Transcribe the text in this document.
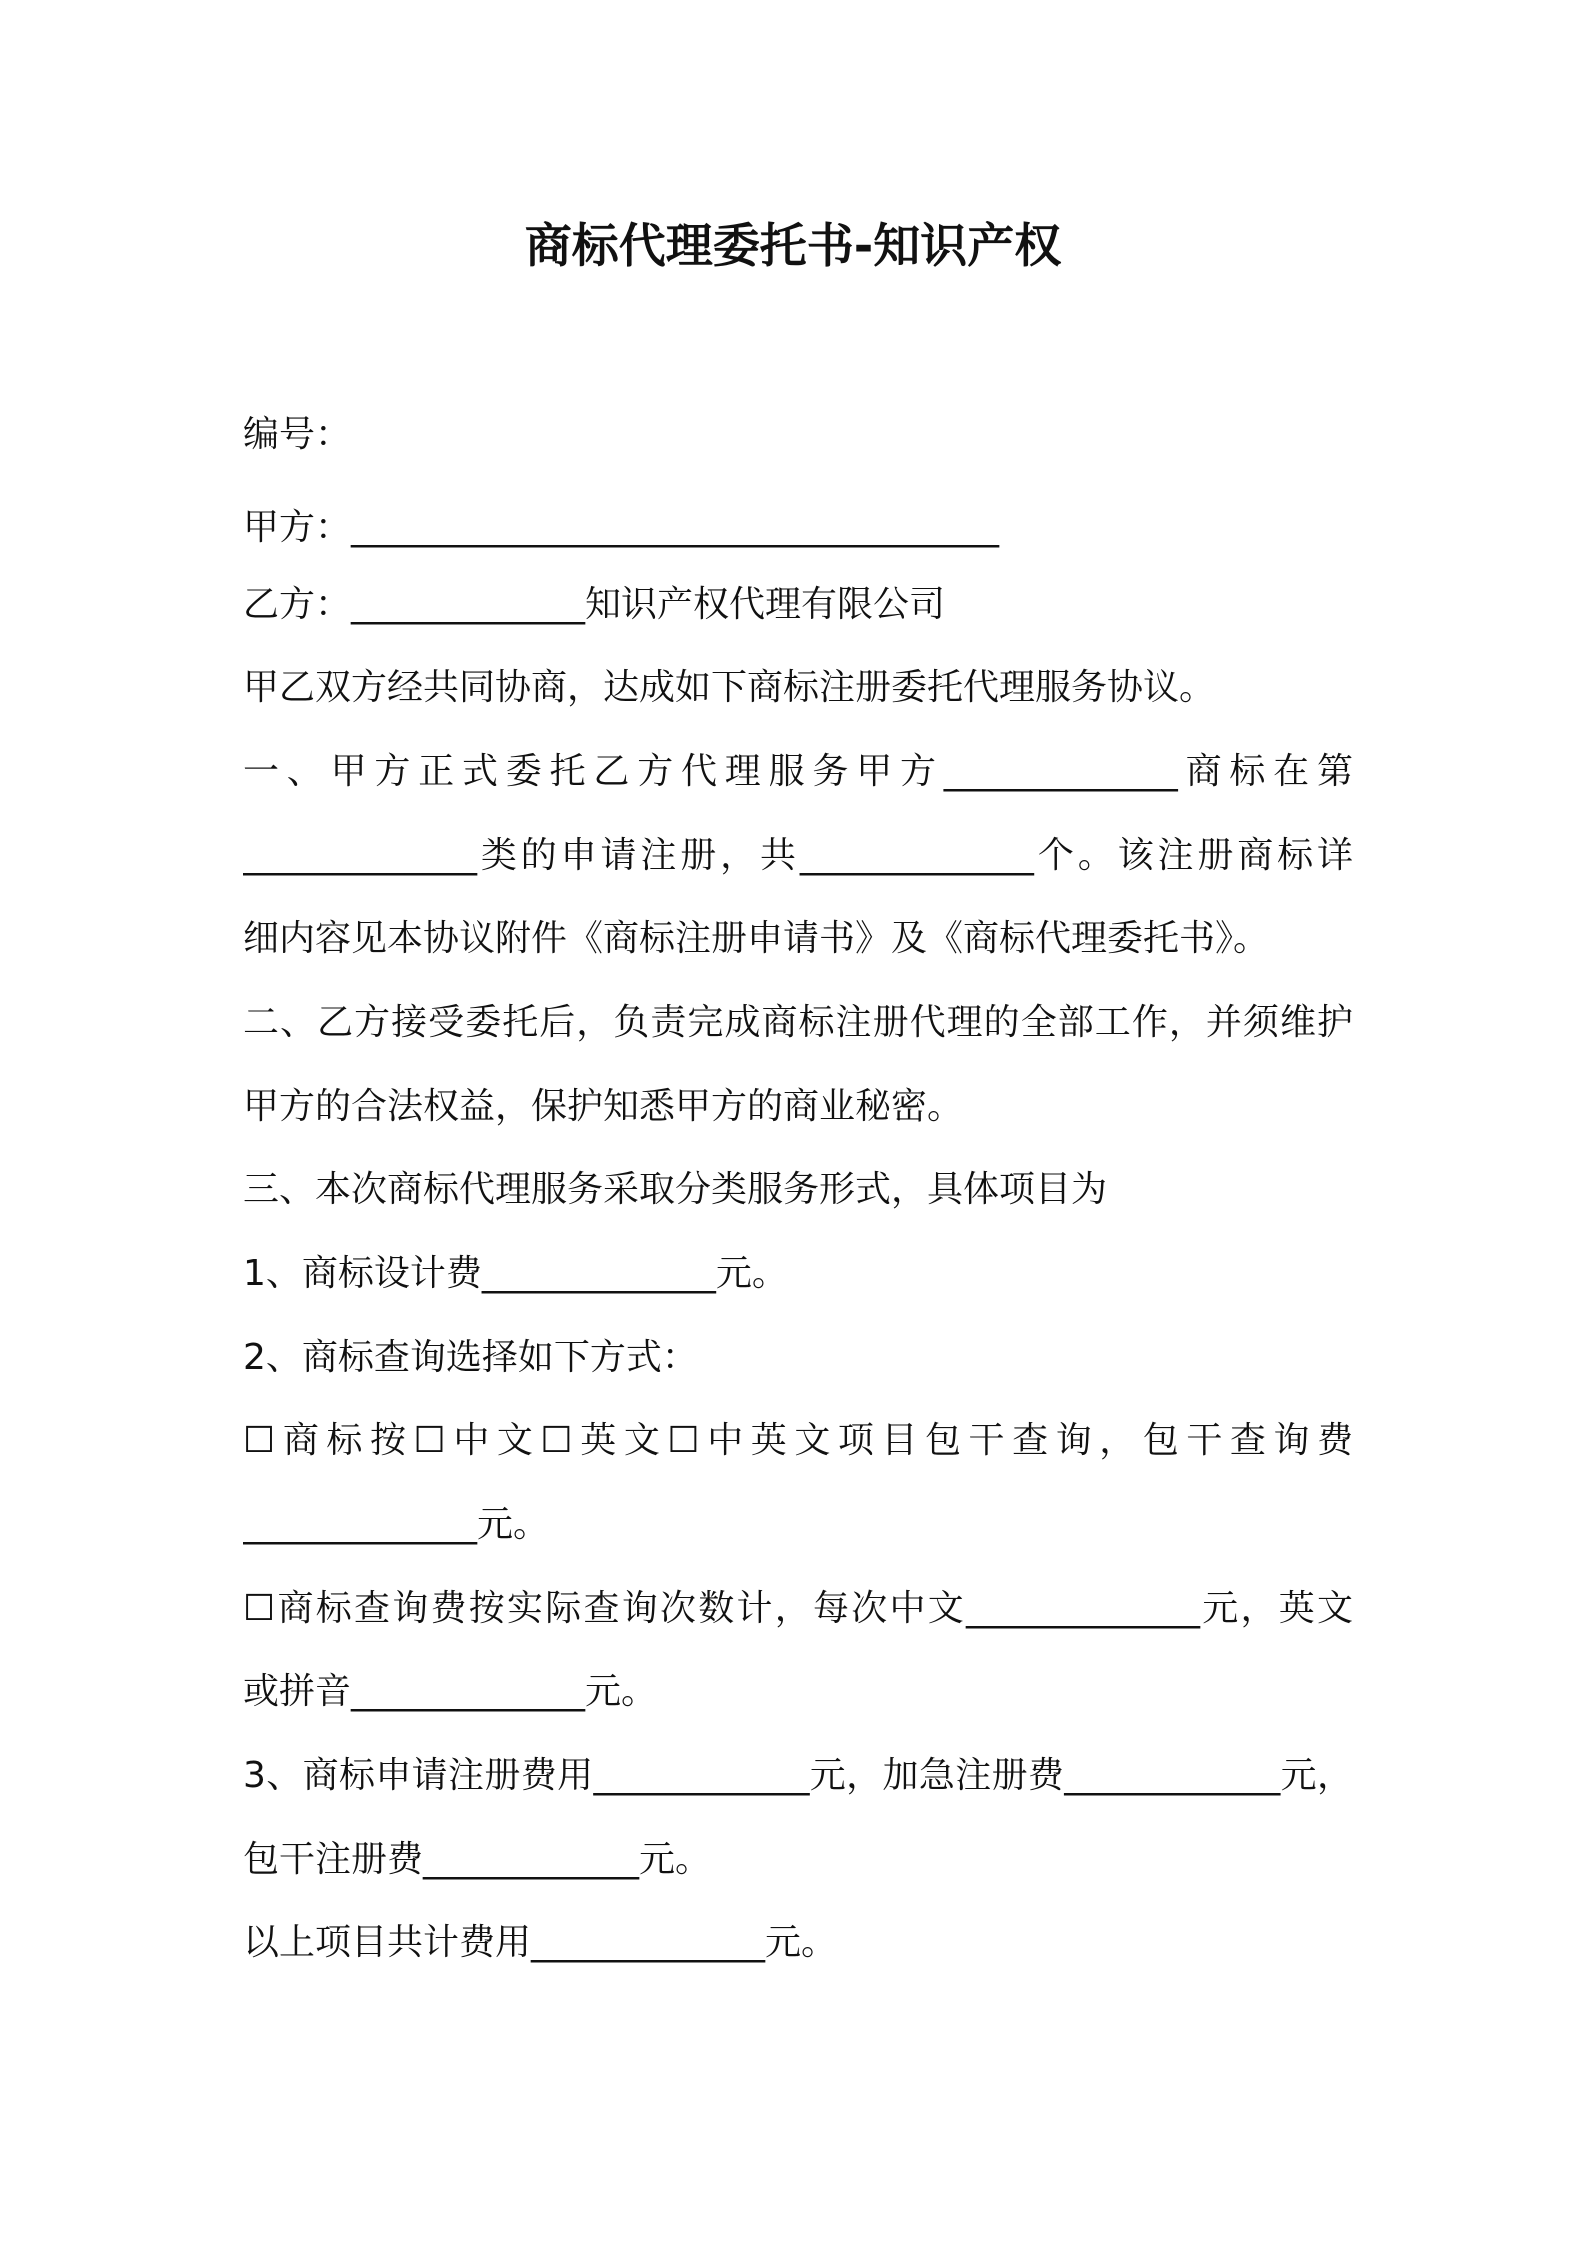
商标代理委托书-知识产权
编号：
甲方：____________________________________
乙方：_____________知识产权代理有限公司
甲乙双方经共同协商，达成如下商标注册委托代理服务协议。
一、甲方正式委托乙方代理服务甲方_____________商标在第
_____________类的申请注册，共_____________个。该注册商标详
细内容见本协议附件《商标注册申请书》及《商标代理委托书》。
二、乙方接受委托后，负责完成商标注册代理的全部工作，并须维护
甲方的合法权益，保护知悉甲方的商业秘密。
三、本次商标代理服务采取分类服务形式，具体项目为
1、商标设计费_____________元。
2、商标查询选择如下方式：
☐商标按☐中文☐英文☐中英文项目包干查询，包干查询费
_____________元。
☐商标查询费按实际查询次数计，每次中文_____________元，英文
或拼音_____________元。
3、商标申请注册费用____________元，加急注册费____________元，
包干注册费____________元。
以上项目共计费用_____________元。
